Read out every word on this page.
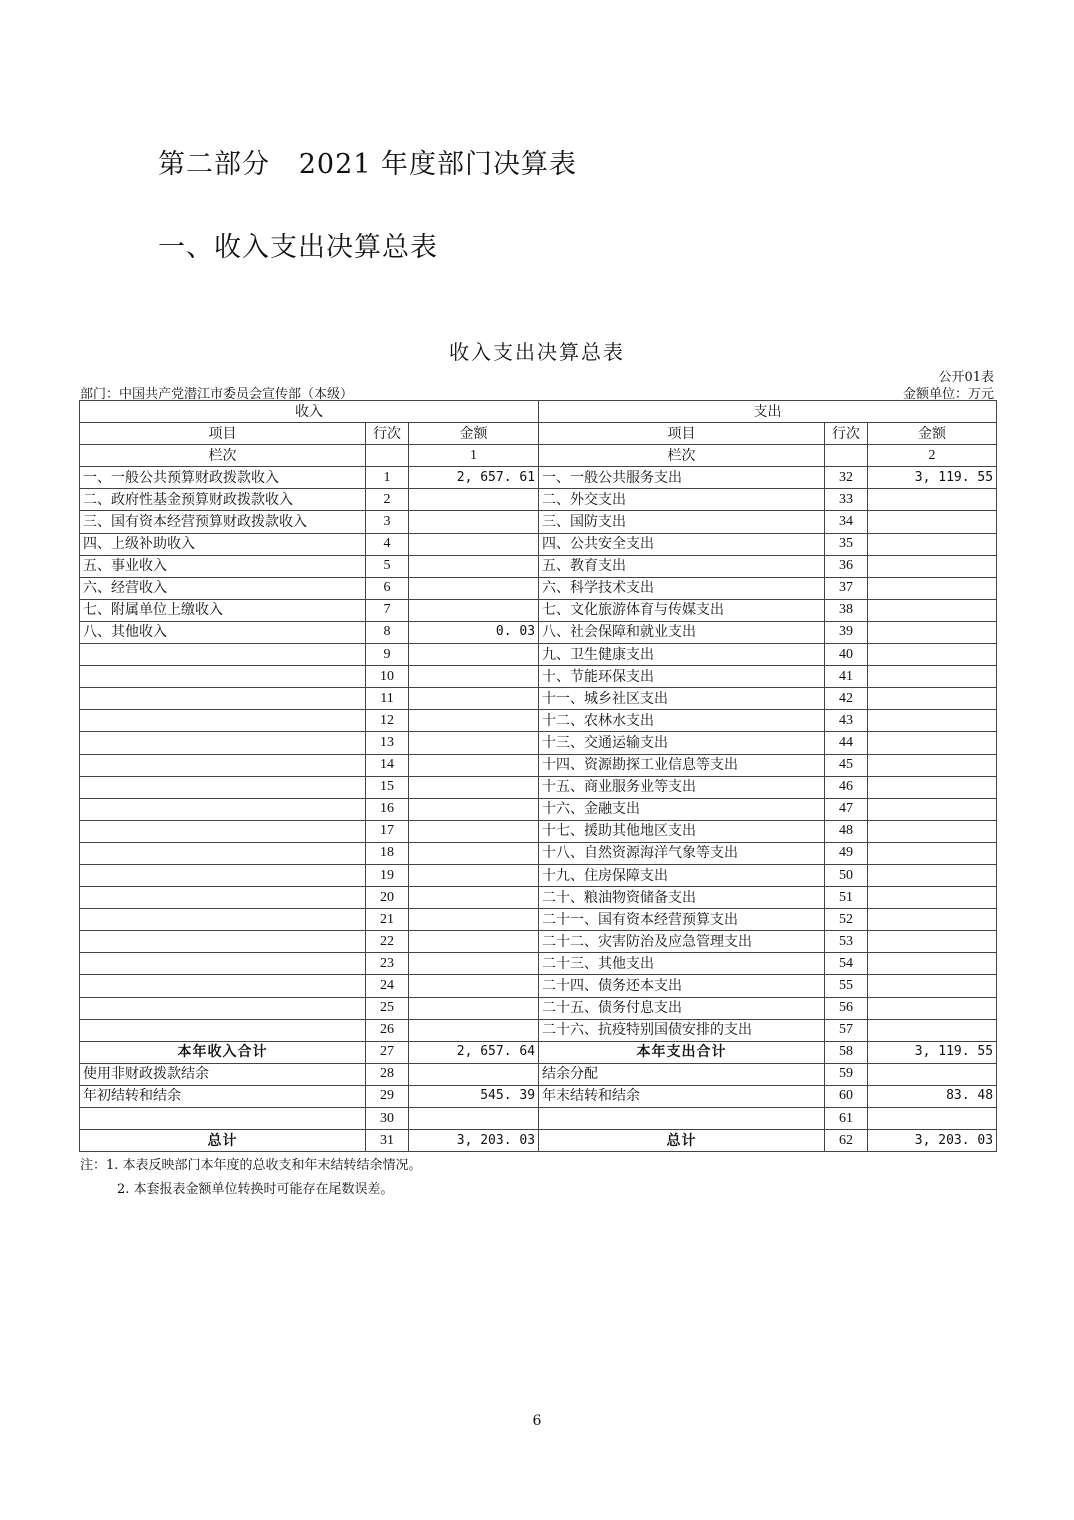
第二部分   2021 年度部门决算表
一、收入支出决算总表
收入支出决算总表
公开01表
部门：中国共产党潜江市委员会宣传部（本级）	金额单位：万元
收入			支出		
项目	行次	金额	项目	行次	金额
栏次		1	栏次		2
一、一般公共预算财政拨款收入	1	2, 657. 61	一、一般公共服务支出	32	3, 119. 55
二、政府性基金预算财政拨款收入	2		二、外交支出	33	
三、国有资本经营预算财政拨款收入	3		三、国防支出	34	
四、上级补助收入	4		四、公共安全支出	35	
五、事业收入	5		五、教育支出	36	
六、经营收入	6		六、科学技术支出	37	
七、附属单位上缴收入	7		七、文化旅游体育与传媒支出	38	
八、其他收入	8	0. 03	八、社会保障和就业支出	39	
	9		九、卫生健康支出	40	
	10		十、节能环保支出	41	
	11		十一、城乡社区支出	42	
	12		十二、农林水支出	43	
	13		十三、交通运输支出	44	
	14		十四、资源勘探工业信息等支出	45	
	15		十五、商业服务业等支出	46	
	16		十六、金融支出	47	
	17		十七、援助其他地区支出	48	
	18		十八、自然资源海洋气象等支出	49	
	19		十九、住房保障支出	50	
	20		二十、粮油物资储备支出	51	
	21		二十一、国有资本经营预算支出	52	
	22		二十二、灾害防治及应急管理支出	53	
	23		二十三、其他支出	54	
	24		二十四、债务还本支出	55	
	25		二十五、债务付息支出	56	
	26		二十六、抗疫特别国债安排的支出	57	
本年收入合计	27	2, 657. 64	本年支出合计	58	3, 119. 55
使用非财政拨款结余	28		结余分配	59	
年初结转和结余	29	545. 39	年末结转和结余	60	83. 48
	30			61	
总计	31	3, 203. 03	总计	62	3, 203. 03
注：1. 本表反映部门本年度的总收支和年末结转结余情况。
2. 本套报表金额单位转换时可能存在尾数误差。
6
